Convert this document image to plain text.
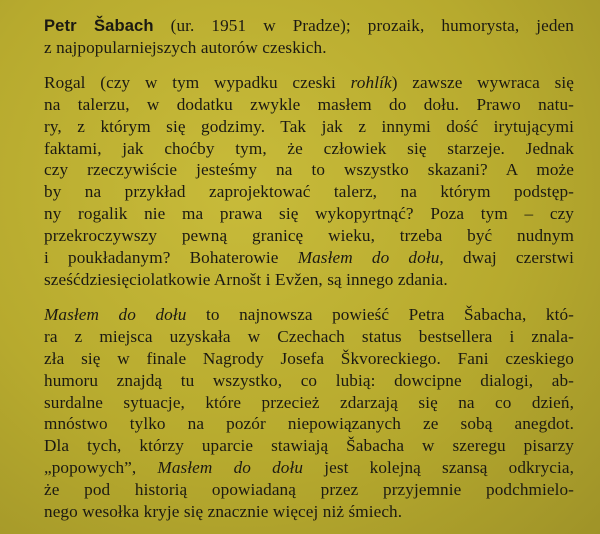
Petr Šabach (ur. 1951 w Pradze); prozaik, humorysta, jeden
z najpopularniejszych autorów czeskich.

Rogal (czy w tym wypadku czeski rohlík) zawsze wywraca się
na talerzu, w dodatku zwykle masłem do dołu. Prawo natu-
ry, z którym się godzimy. Tak jak z innymi dość irytującymi
faktami, jak choćby tym, że człowiek się starzeje. Jednak
czy rzeczywiście jesteśmy na to wszystko skazani? A może
by na przykład zaprojektować talerz, na którym podstęp-
ny rogalik nie ma prawa się wykopyrtnąć? Poza tym – czy
przekroczywszy pewną granicę wieku, trzeba być nudnym
i poukładanym? Bohaterowie Masłem do dołu, dwaj czerstwi
sześćdziesięciolatkowie Arnošt i Evžen, są innego zdania.

Masłem do dołu to najnowsza powieść Petra Šabacha, któ-
ra z miejsca uzyskała w Czechach status bestsellera i znala-
zła się w finale Nagrody Josefa Škvoreckiego. Fani czeskiego
humoru znajdą tu wszystko, co lubią: dowcipne dialogi, ab-
surdalne sytuacje, które przecież zdarzają się na co dzień,
mnóstwo tylko na pozór niepowiązanych ze sobą anegdot.
Dla tych, którzy uparcie stawiają Šabacha w szeregu pisarzy
„popowych”, Masłem do dołu jest kolejną szansą odkrycia,
że pod historią opowiadaną przez przyjemnie podchmielo-
nego wesołka kryje się znacznie więcej niż śmiech.
